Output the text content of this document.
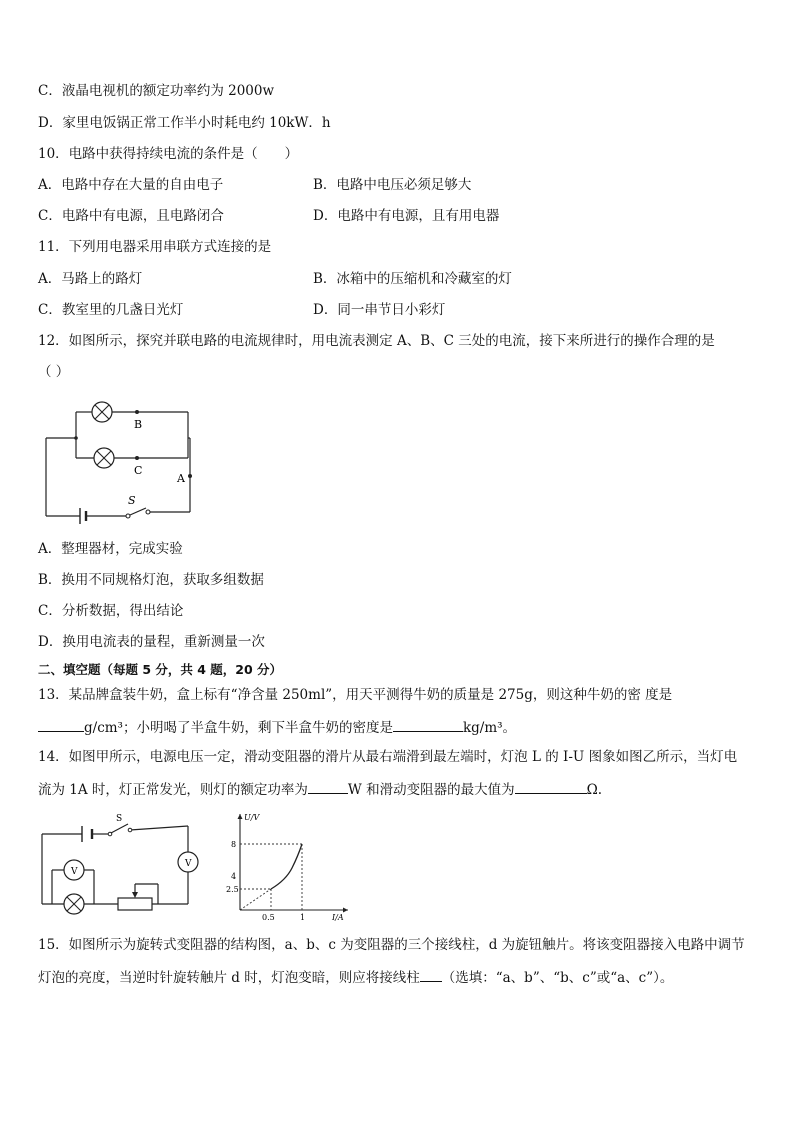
C．液晶电视机的额定功率约为 2000w
D．家里电饭锅正常工作半小时耗电约 10kW．h
10．电路中获得持续电流的条件是（　　）
A．电路中存在大量的自由电子	B．电路中电压必须足够大
C．电路中有电源，且电路闭合	D．电路中有电源，且有用电器
11．下列用电器采用串联方式连接的是
A．马路上的路灯	B．冰箱中的压缩机和冷藏室的灯
C．教室里的几盏日光灯	D．同一串节日小彩灯
12．如图所示，探究并联电路的电流规律时，用电流表测定 A、B、C 三处的电流，接下来所进行的操作合理的是
（ ）
B
C
A
S
A．整理器材，完成实验
B．换用不同规格灯泡，获取多组数据
C．分析数据，得出结论
D．换用电流表的量程，重新测量一次
二、填空题（每题 5 分，共 4 题，20 分）
13．某品牌盒装牛奶，盒上标有“净含量 250ml”，用天平测得牛奶的质量是 275g，则这种牛奶的密 度是
g/cm³；小明喝了半盒牛奶，剩下半盒牛奶的密度是	kg/m³。
14．如图甲所示，电源电压一定，滑动变阻器的滑片从最右端滑到最左端时，灯泡 L 的 I-U 图象如图乙所示，当灯电
流为 1A 时，灯正常发光，则灯的额定功率为	W 和滑动变阻器的最大值为	Ω.
S
V
V
U/V
I/A
8
4
2.5
0.5	1
15．如图所示为旋转式变阻器的结构图，a、b、c 为变阻器的三个接线柱，d 为旋钮触片。将该变阻器接入电路中调节
灯泡的亮度，当逆时针旋转触片 d 时，灯泡变暗，则应将接线柱 （选填：“a、b”、“b、c”或“a、c”）。
